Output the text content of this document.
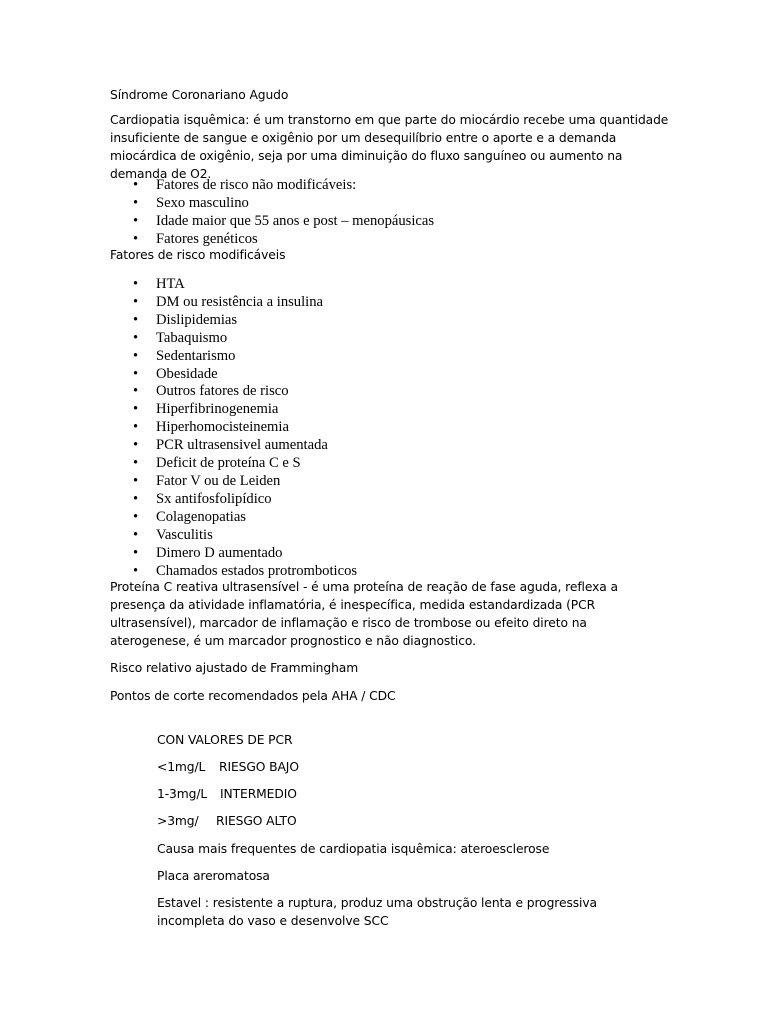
Síndrome Coronariano Agudo

Cardiopatia isquêmica: é um transtorno em que parte do miocárdio recebe uma quantidade insuficiente de sangue e oxigênio por um desequilíbrio entre o aporte e a demanda miocárdica de oxigênio, seja por uma diminuição do fluxo sanguíneo ou aumento na demanda de O2.

• Fatores de risco não modificáveis:
• Sexo masculino
• Idade maior que 55 anos e post – menopáusicas
• Fatores genéticos

Fatores de risco modificáveis

• HTA
• DM ou resistência a insulina
• Dislipidemias
• Tabaquismo
• Sedentarismo
• Obesidade
• Outros fatores de risco
• Hiperfibrinogenemia
• Hiperhomocisteinemia
• PCR ultrasensivel aumentada
• Deficit de proteína C e S
• Fator V ou de Leiden
• Sx antifosfolipídico
• Colagenopatias
• Vasculitis
• Dimero D aumentado
• Chamados estados protromboticos

Proteína C reativa ultrasensível - é uma proteína de reação de fase aguda, reflexa a presença da atividade inflamatória, é inespecífica, medida estandardizada (PCR ultrasensível), marcador de inflamação e risco de trombose ou efeito direto na aterogenese, é um marcador prognostico e não diagnostico.

Risco relativo ajustado de Frammingham

Pontos de corte recomendados pela AHA / CDC

CON VALORES DE PCR

<1mg/L RIESGO BAJO

1-3mg/L INTERMEDIO

>3mg/ RIESGO ALTO

Causa mais frequentes de cardiopatia isquêmica: ateroesclerose

Placa areromatosa

Estavel : resistente a ruptura, produz uma obstrução lenta e progressiva incompleta do vaso e desenvolve SCC
